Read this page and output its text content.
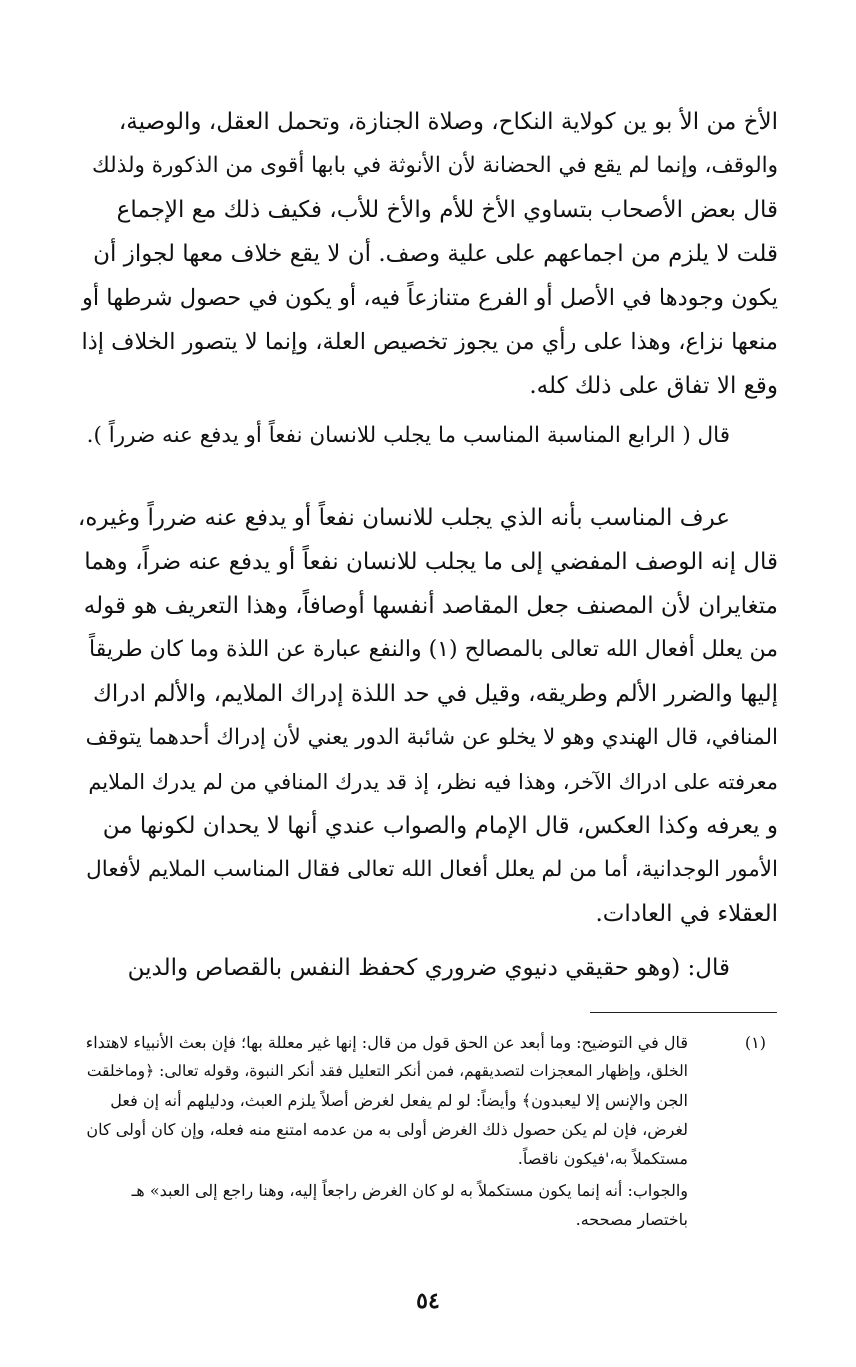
الأخ من الأ بو ين كولاية النكاح، وصلاة الجنازة، وتحمل العقل، والوصية،
والوقف، وإنما لم يقع في الحضانة لأن الأنوثة في بابها أقوى من الذكورة ولذلك
قال بعض الأصحاب بتساوي الأخ للأم والأخ للأب، فكيف ذلك مع الإجماع
قلت لا يلزم من اجماعهم على علية وصف. أن لا يقع خلاف معها لجواز أن
يكون وجودها في الأصل أو الفرع متنازعاً فيه، أو يكون في حصول شرطها أو
منعها نزاع، وهذا على رأي من يجوز تخصيص العلة، وإنما لا يتصور الخلاف إذا
وقع الا تفاق على ذلك كله.
قال ( الرابع المناسبة المناسب ما يجلب للانسان نفعاً أو يدفع عنه ضرراً ).
عرف المناسب بأنه الذي يجلب للانسان نفعاً أو يدفع عنه ضرراً وغيره،
قال إنه الوصف المفضي إلى ما يجلب للانسان نفعاً أو يدفع عنه ضراً، وهما
متغايران لأن المصنف جعل المقاصد أنفسها أوصافاً، وهذا التعريف هو قوله
من يعلل أفعال الله تعالى بالمصالح (١) والنفع عبارة عن اللذة وما كان طريقاً
إليها والضرر الألم وطريقه، وقيل في حد اللذة إدراك الملايم، والألم ادراك
المنافي، قال الهندي وهو لا يخلو عن شائبة الدور يعني لأن إدراك أحدهما يتوقف
معرفته على ادراك الآخر، وهذا فيه نظر، إذ قد يدرك المنافي من لم يدرك الملايم
و يعرفه وكذا العكس، قال الإمام والصواب عندي أنها لا يحدان لكونها من
الأمور الوجدانية، أما من لم يعلل أفعال الله تعالى فقال المناسب الملايم لأفعال
العقلاء في العادات.
قال: (وهو حقيقي دنيوي ضروري كحفظ النفس بالقصاص والدين
(١)
قال في التوضيح: وما أبعد عن الحق قول من قال: إنها غير معللة بها؛ فإن بعث الأنبياء لاهتداء
الخلق، وإظهار المعجزات لتصديقهم، فمن أنكر التعليل فقد أنكر النبوة، وقوله تعالى: ﴿وماخلقت
الجن والإنس إلا ليعبدون﴾ وأيضاً: لو لم يفعل لغرض أصلاً يلزم العبث، ودليلهم أنه إن فعل
لغرض، فإن لم يكن حصول ذلك الغرض أولى به من عدمه امتنع منه فعله، وإن كان أولى كان
مستكملاً به،'فيكون ناقصاً.
والجواب: أنه إنما يكون مستكملاً به لو كان الغرض راجعاً إليه، وهنا راجع إلى العبد» هـ
باختصار مصححه.
٥٤
